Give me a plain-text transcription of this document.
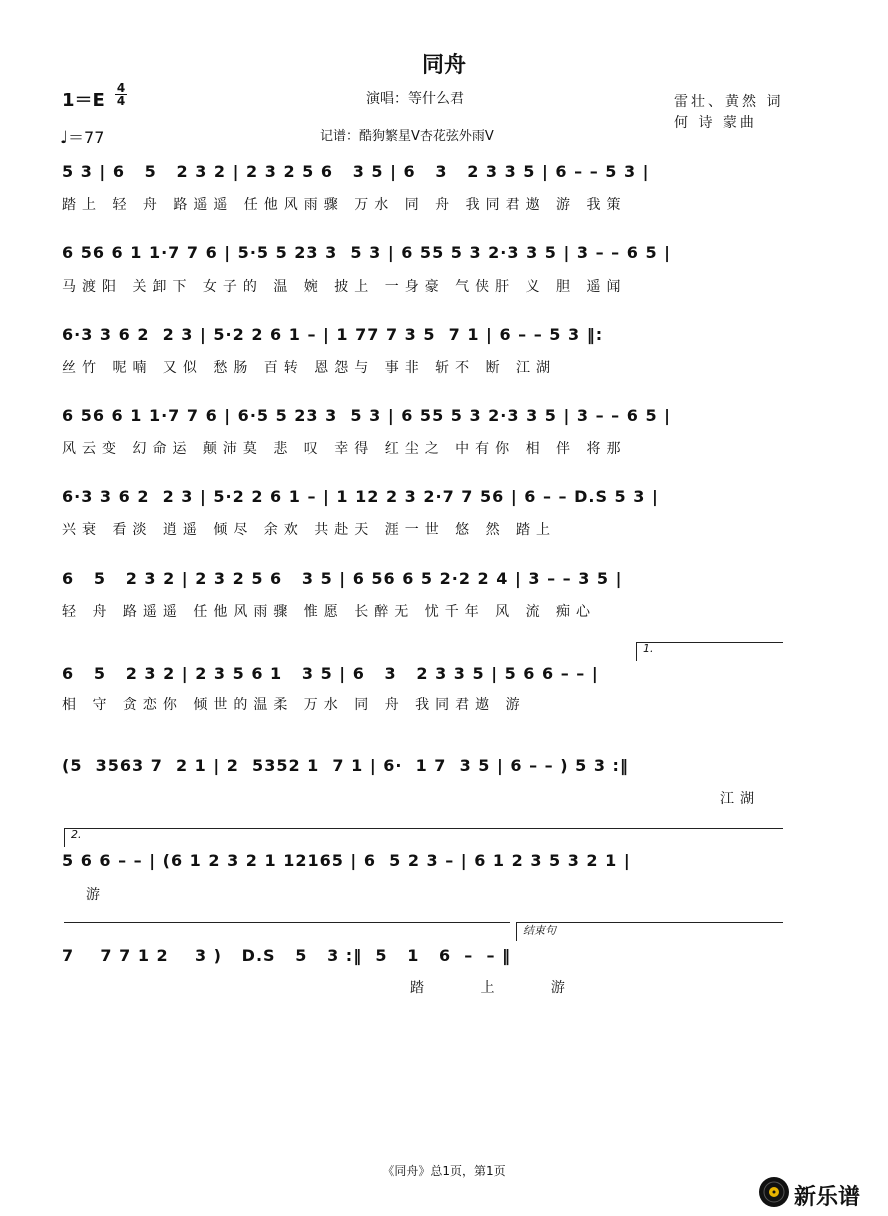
同舟
1＝E
4
4	演唱：等什么君	雷壮、黄然 词
何 诗 蒙曲
♩＝77	记谱：酷狗繁星V杏花弦外雨V
5 3 | 6   5   2 3 2 | 2 3 2 5 6   3 5 | 6   3   2 3 3 5 | 6 – – 5 3 |
踏上 轻 舟 路遥遥 任他风雨骤 万水 同 舟 我同君遨 游 我策
6 56 6 1 1·7 7 6 | 5·5 5 23 3  5 3 | 6 55 5 3 2·3 3 5 | 3 – – 6 5 |
马渡阳 关卸下 女子的 温 婉 披上 一身豪 气侠肝 义 胆 遥闻
6·3 3 6 2  2 3 | 5·2 2 6 1 – | 1 77 7 3 5  7 1 | 6 – – 5 3 ‖:
丝竹 呢喃 又似 愁肠 百转 恩怨与 事非 斩不 断 江湖
6 56 6 1 1·7 7 6 | 6·5 5 23 3  5 3 | 6 55 5 3 2·3 3 5 | 3 – – 6 5 |
风云变 幻命运 颠沛莫 悲 叹 幸得 红尘之 中有你 相 伴 将那
6·3 3 6 2  2 3 | 5·2 2 6 1 – | 1 12 2 3 2·7 7 56 | 6 – – D.S 5 3 |
兴衰 看淡 逍遥 倾尽 余欢 共赴天 涯一世 悠 然 踏上
6   5   2 3 2 | 2 3 2 5 6   3 5 | 6 56 6 5 2·2 2 4 | 3 – – 3 5 |
轻 舟 路遥遥 任他风雨骤 惟愿 长醉无 忧千年 风 流 痴心
1.
6   5   2 3 2 | 2 3 5 6 1   3 5 | 6   3   2 3 3 5 | 5 6 6 – – |
相 守 贪恋你 倾世的温柔 万水 同 舟 我同君遨 游
(5  3563 7  2 1 | 2  5352 1  7 1 | 6·  1 7  3 5 | 6 – – ) 5 3 :‖
江湖
2.
5 6 6 – – | (6 1 2 3 2 1 12165 | 6  5 2 3 – | 6 1 2 3 5 3 2 1 |
游
结束句
7    7 7 1 2    3 )   D.S   5   3 :‖  5   1   6  –  – ‖
踏 上 游
《同舟》总1页，第1页
新乐谱
